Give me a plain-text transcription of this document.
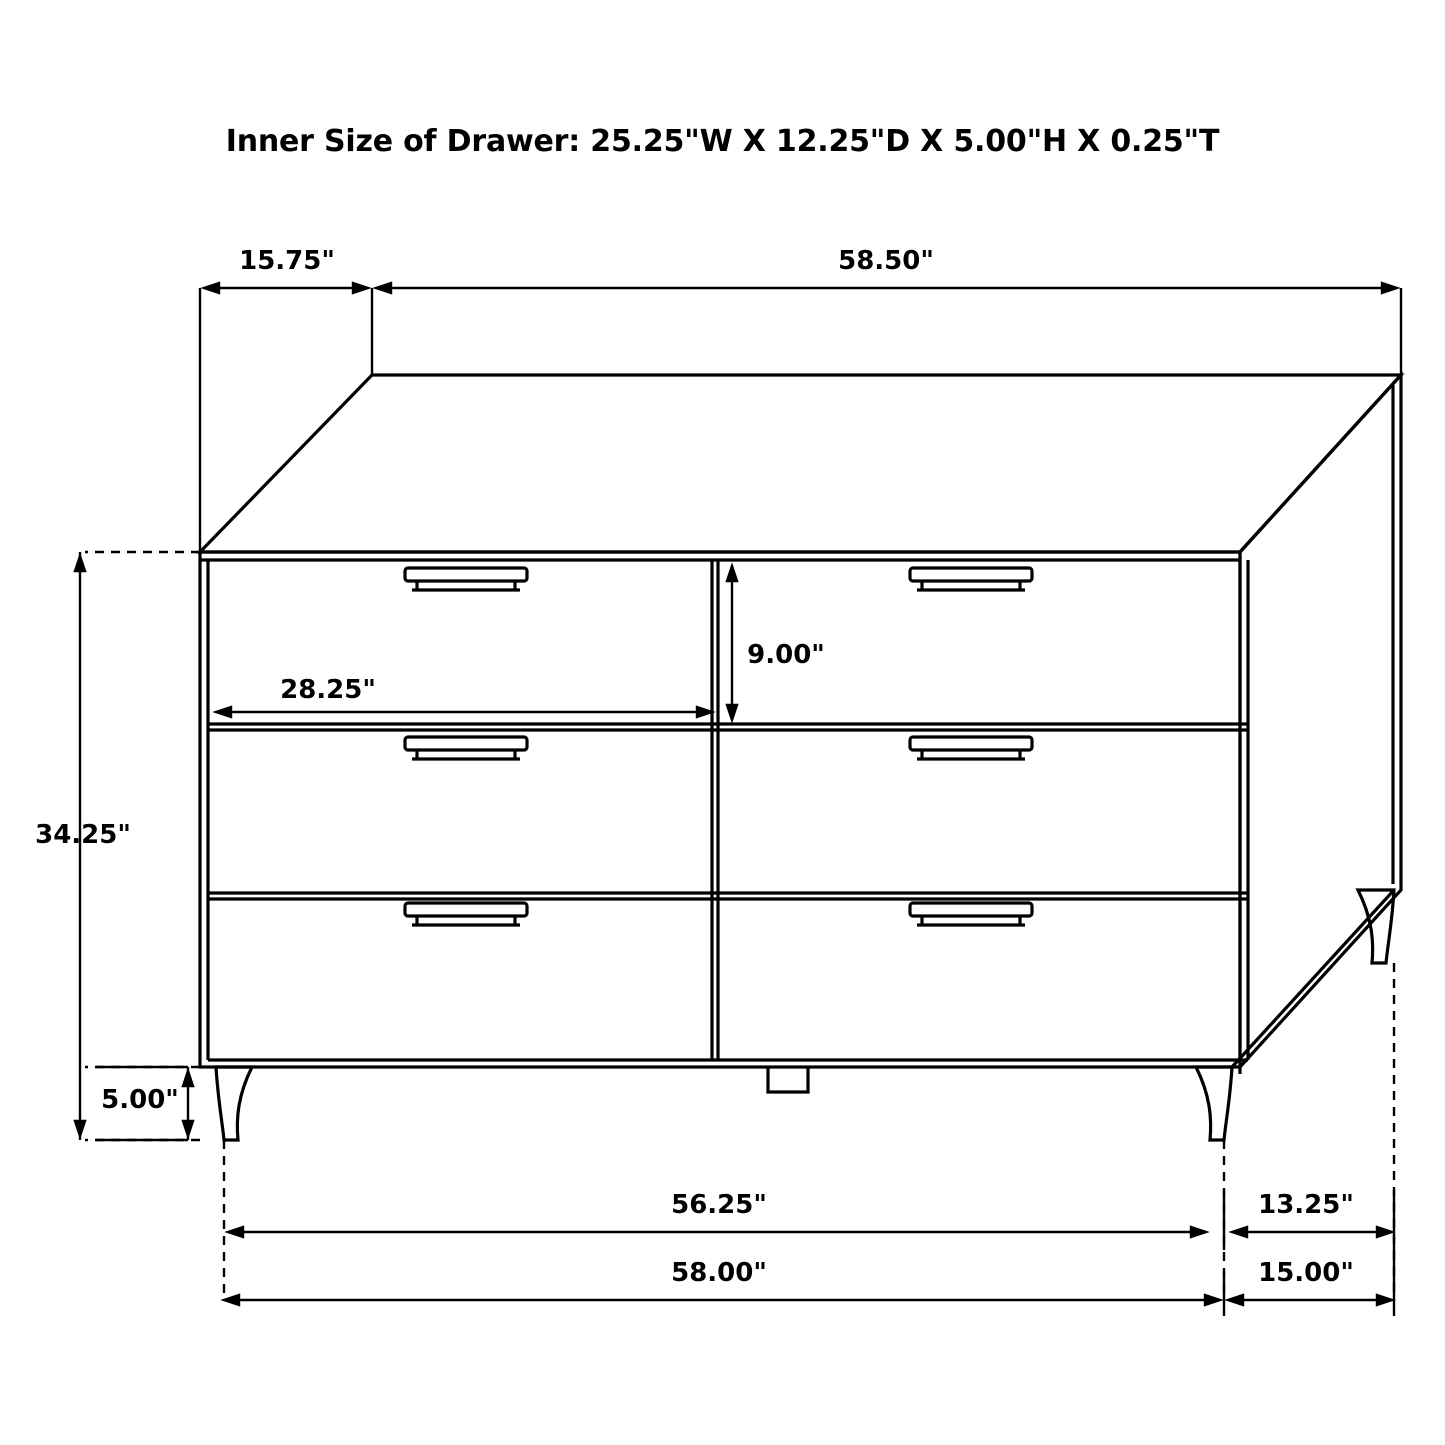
Inner Size of Drawer: 25.25"W X 12.25"D X 5.00"H X 0.25"T
15.75"	58.50"
34.25"
5.00"
28.25"
9.00"
56.25"	13.25"
58.00"	15.00"
